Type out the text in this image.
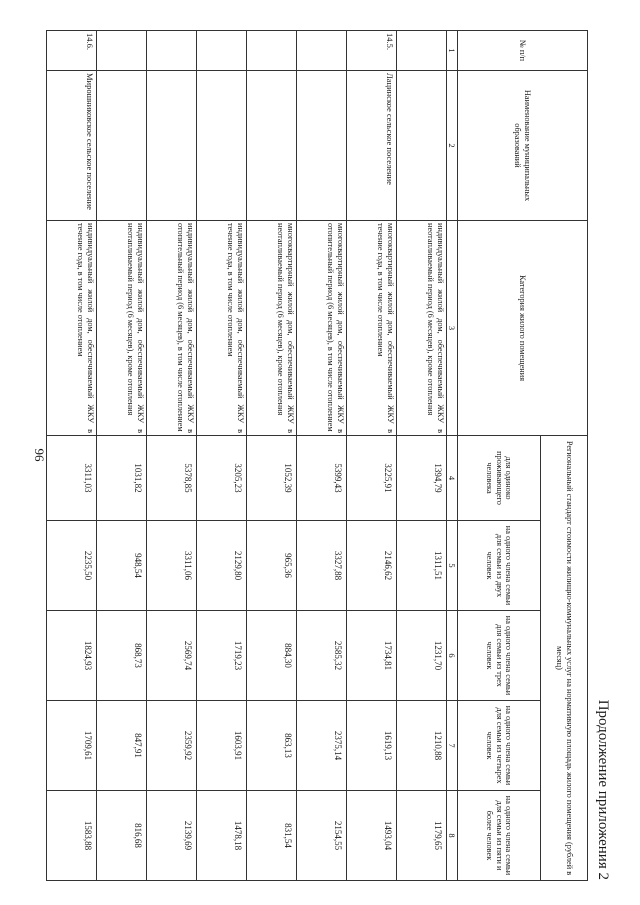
96
Продолжение приложения 2
№ п/п	Наименование муниципальных образований	Категория жилого помещения	Региональный стандарт стоимости жилищно-коммунальных услуг на нормативную площадь жилого помещения (рублей в месяц)				
			для одиноко проживающего человека	на одного члена семьи для семьи из двух человек	на одного члена семьи для семьи из трех человек	на одного члена семьи для семьи из четырех человек	на одного члена семьи для семьи из пяти и более человек
1	2	3	4	5	6	7	8
		индивидуальный жилой дом, обеспечиваемый ЖКУ в неотапливаемый период (6 месяцев), кроме отопления	1394,79	1311,51	1231,70	1210,88	1179,65
14.5.	Лацинское сельское поселение	многоквартирный жилой дом, обеспечиваемый ЖКУ в течение года, в том числе отоплением	3225,91	2146,62	1734,81	1619,13	1493,04
		многоквартирный жилой дом, обеспечиваемый ЖКУ в отопительный период (6 месяцев), в том числе отоплением	5399,43	3327,88	2585,32	2375,14	2154,55
		многоквартирный жилой дом, обеспечиваемый ЖКУ в неотапливаемый период (6 месяцев), кроме отопления	1052,39	965,36	884,30	863,13	831,54
		индивидуальный жилой дом, обеспечиваемый ЖКУ в течение года, в том числе отоплением	3205,23	2129,80	1719,23	1603,91	1478,18
		индивидуальный жилой дом, обеспечиваемый ЖКУ в отопительный период (6 месяцев), в том числе отоплением	5378,85	3311,06	2569,74	2359,92	2139,69
		индивидуальный жилой дом, обеспечиваемый ЖКУ в неотапливаемый период (6 месяцев), кроме отопления	1031,82	948,54	868,73	847,91	816,68
14.6.	Мирошниковское сельское поселение	индивидуальный жилой дом, обеспечиваемый ЖКУ в течение года, в том числе отоплением	3311,03	2235,50	1824,93	1709,61	1583,88
